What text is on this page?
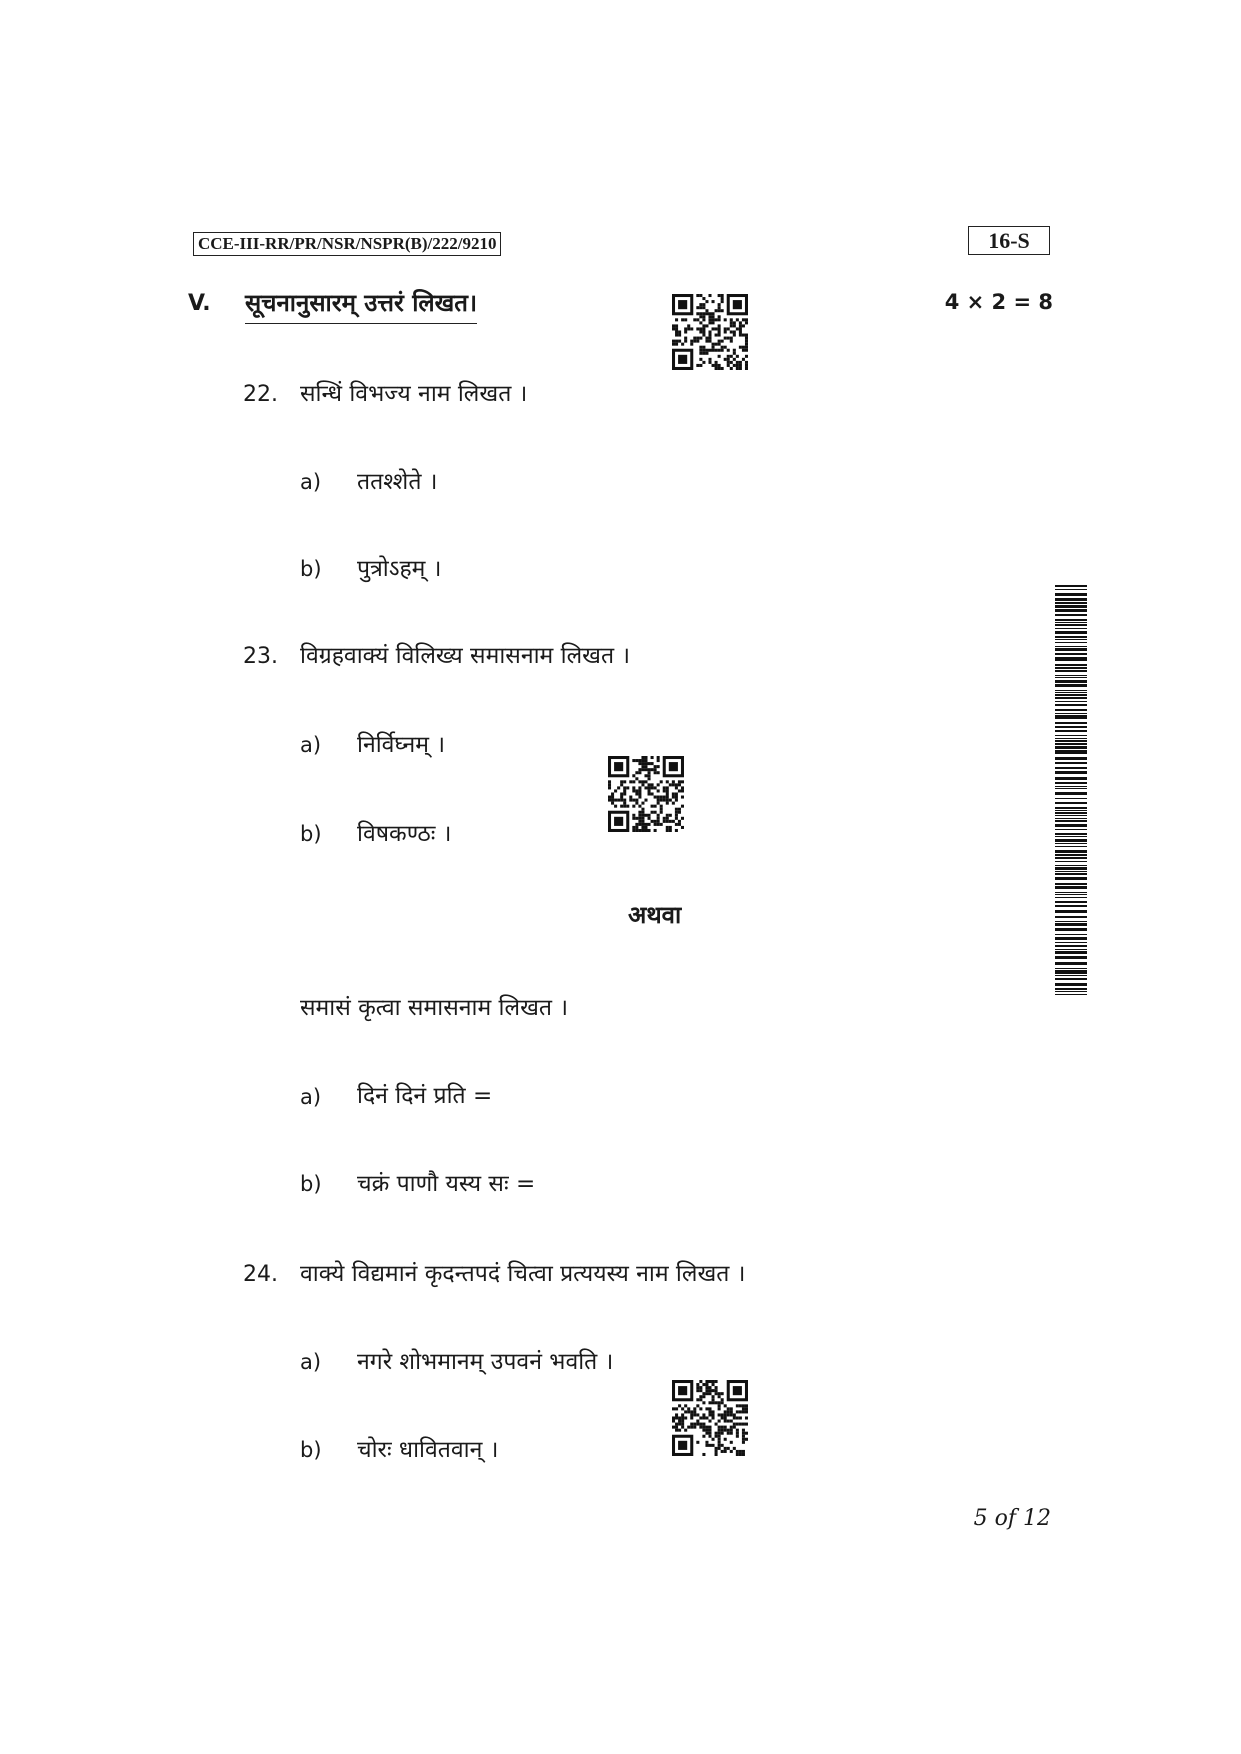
CCE-III-RR/PR/NSR/NSPR(B)/222/9210	16-S
V. सूचनानुसारम् उत्तरं लिखत।	4 × 2 = 8
22. सन्धिं विभज्य नाम लिखत ।
a) ततश्शेते ।
b) पुत्रोऽहम् ।
23. विग्रहवाक्यं विलिख्य समासनाम लिखत ।
a) निर्विघ्नम् ।
b) विषकण्ठः ।
अथवा
समासं कृत्वा समासनाम लिखत ।
a) दिनं दिनं प्रति =
b) चक्रं पाणौ यस्य सः =
24. वाक्ये विद्यमानं कृदन्तपदं चित्वा प्रत्ययस्य नाम लिखत ।
a) नगरे शोभमानम् उपवनं भवति ।
b) चोरः धावितवान् ।
5 of 12
